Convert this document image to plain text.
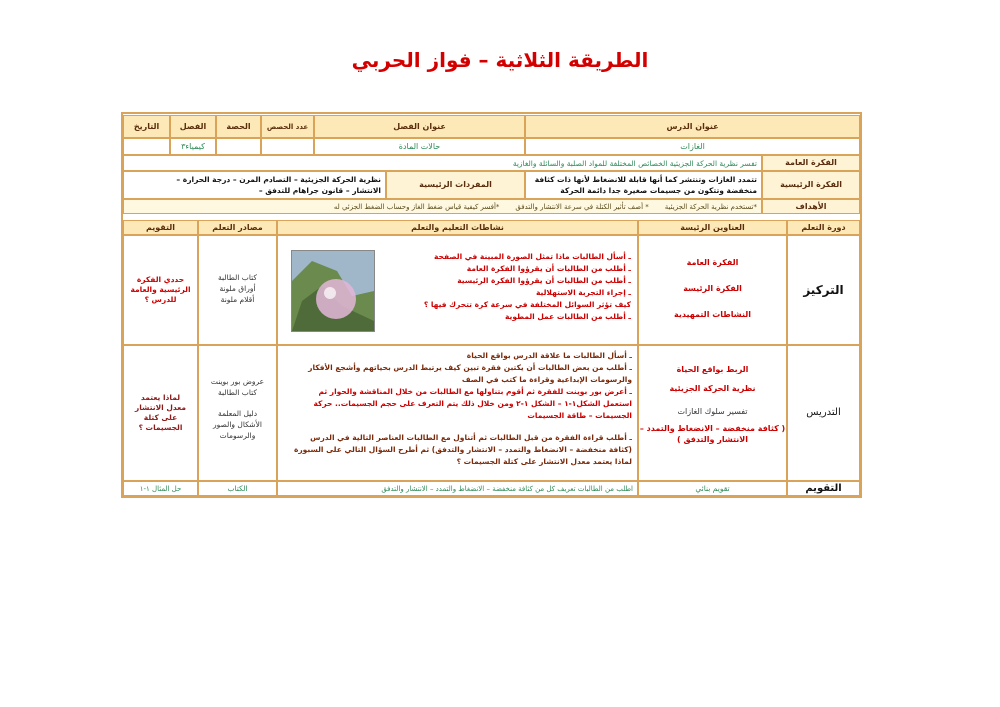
الطريقة الثلاثية – فواز الحربي
عنوان الدرس
عنوان الفصل
عدد الحصص
الحصة
الفصل
التاريخ
الغازات
حالات المادة
كيمياء٣
الفكرة العامة
تفسر نظرية الحركة الجزيئية الخصائص المختلفة للمواد الصلبة والسائلة والغازية
الفكرة الرئيسية
تتمدد الغازات وتنتشر كما أنها قابلة للانضغاط لأنها ذات كثافة
منخفضة وتتكون من جسيمات صغيرة جدا دائمة الحركة
المفردات الرئيسية
نظرية الحركة الجزيئية – التصادم المرن – درجة الحرارة –
الانتشار – قانون جراهام للتدفق –
الأهداف
*تستخدم نظرية الحركة الجزيئية
* أصف تأثير الكتلة في سرعة الانتشار والتدفق
*أفسر كيفية قياس ضغط الغاز وحساب الضغط الجزئي له
دورة التعلم
العناوين الرئيسة
نشاطات التعليم والتعلم
مصادر التعلم
التقويم
التركيز
الفكرة العامة
الفكرة الرئيسة
النشاطات التمهيدية
ـ أسأل الطالبات ماذا تمثل الصورة المبينة في الصفحة
ـ أطلب من الطالبات أن يقرؤوا الفكرة العامة
ـ أطلب من الطالبات أن يقرؤوا الفكرة الرئيسية
ـ إجراء التجربة الاستهلالية
كيف تؤثر السوائل المختلفة في سرعة كرة تتحرك فيها ؟
ـ أطلب من الطالبات عمل المطوية
كتاب الطالبة
أوراق ملونة
أقلام ملونة
حددي الفكرة الرئيسية والعامة للدرس ؟
التدريس
الربط بواقع الحياة
نظرية الحركة الجزيئية
تفسير سلوك الغازات
( كثافة منخفضة – الانضغاط والتمدد – الانتشار والتدفق )
ـ أسأل الطالبات ما علاقة الدرس بواقع الحياة
ـ أطلب من بعض الطالبات أن يكتبن فقرة تبين كيف يرتبط الدرس بحياتهم وأشجع الأفكار
والرسومات الإبداعية وقراءة ما كتب في الصف
ـ أعرض بور بوينت للفقرة ثم أقوم بتناولها مع الطالبات من خلال المناقشة والحوار ثم
استعمل الشكل١-١ – الشكل ١-٢ ومن خلال ذلك يتم التعرف على حجم الجسيمات.. حركة
الجسيمات – طاقة الجسيمات
ـ أطلب قراءة الفقرة من قبل الطالبات ثم أتناول مع الطالبات العناصر التالية في الدرس
(كثافة منخفضة – الانضغاط والتمدد – الانتشار والتدفق) ثم أطرح السؤال التالي على السبورة
لماذا يعتمد معدل الانتشار على كتلة الجسيمات ؟
عروض بور بوينت
كتاب الطالبة
دليل المعلمة
الأشكال والصور
والرسومات
لماذا يعتمد معدل الانتشار على كتلة الجسيمات ؟
التقويم
تقويم بنائي
اطلب من الطالبات تعريف كل من كثافة منخفضة – الانضغاط والتمدد – الانتشار والتدفق
الكتاب
حل المثال ١-١
